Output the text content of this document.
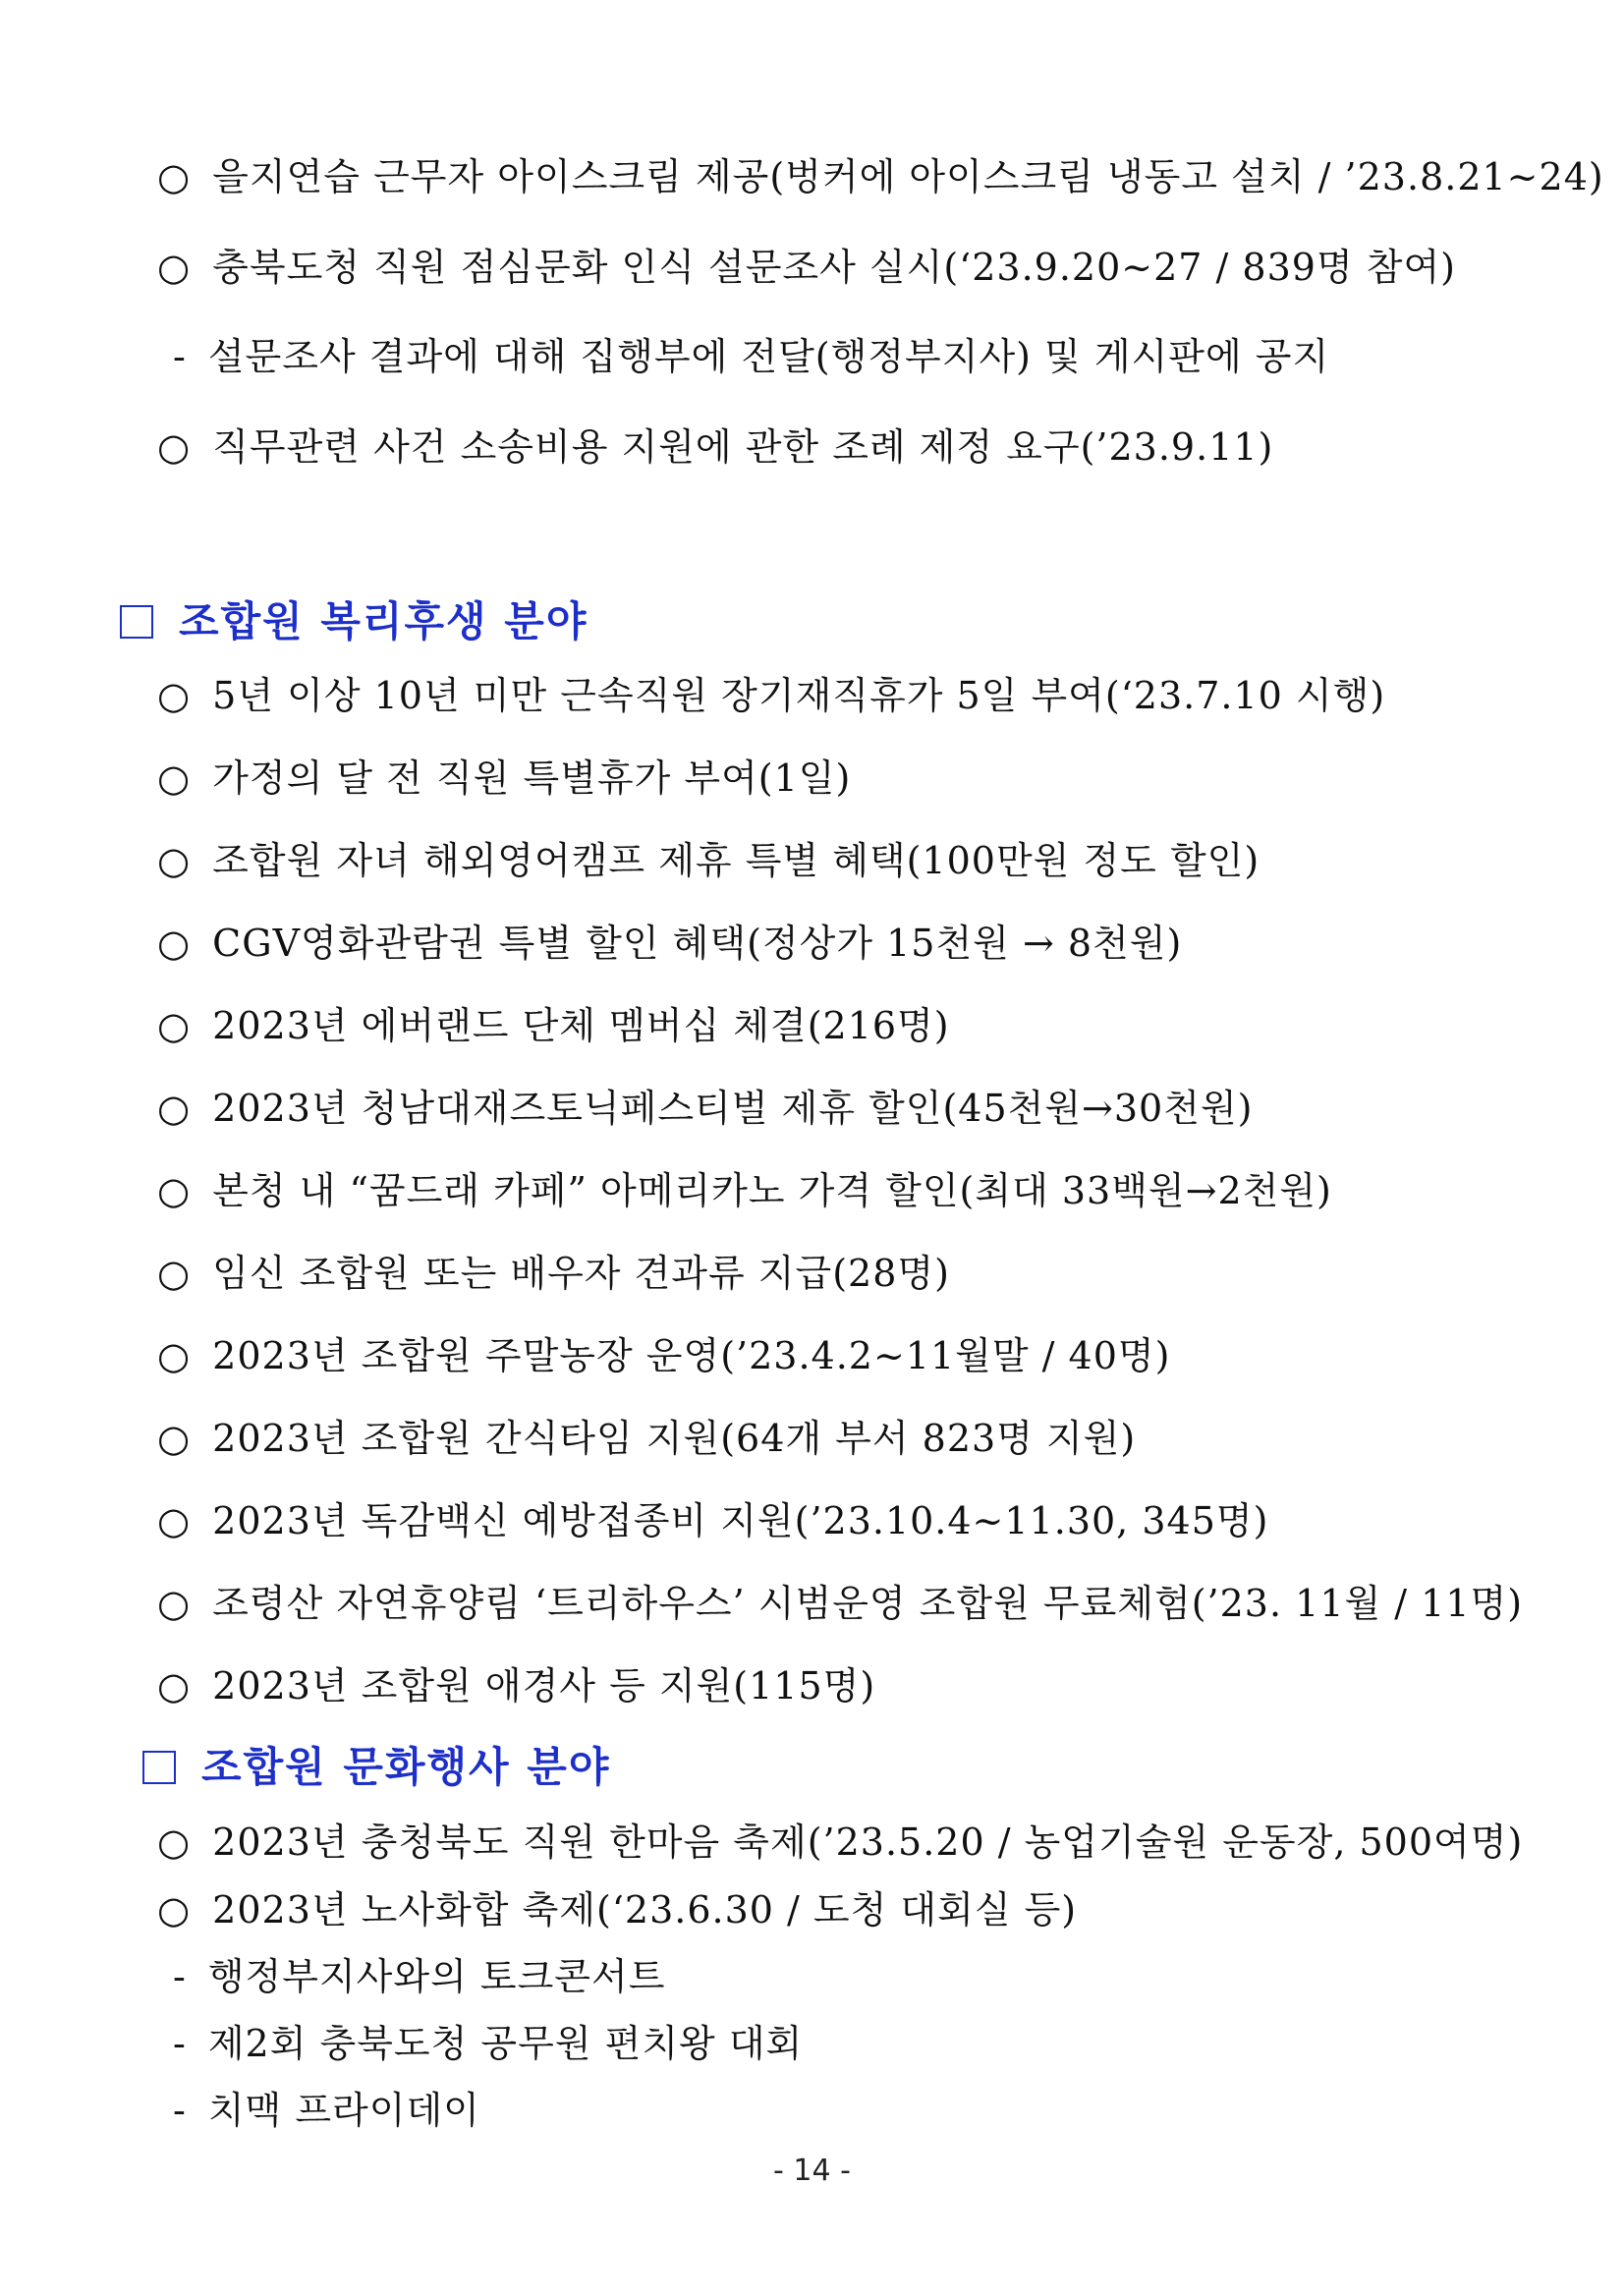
○ 을지연습 근무자 아이스크림 제공(벙커에 아이스크림 냉동고 설치 / ’23.8.21~24)
○ 충북도청 직원 점심문화 인식 설문조사 실시(‘23.9.20~27 / 839명 참여)
- 설문조사 결과에 대해 집행부에 전달(행정부지사) 및 게시판에 공지
○ 직무관련 사건 소송비용 지원에 관한 조례 제정 요구(’23.9.11)
조합원 복리후생 분야
○ 5년 이상 10년 미만 근속직원 장기재직휴가 5일 부여(‘23.7.10 시행)
○ 가정의 달 전 직원 특별휴가 부여(1일)
○ 조합원 자녀 해외영어캠프 제휴 특별 혜택(100만원 정도 할인)
○ CGV영화관람권 특별 할인 혜택(정상가 15천원 → 8천원)
○ 2023년 에버랜드 단체 멤버십 체결(216명)
○ 2023년 청남대재즈토닉페스티벌 제휴 할인(45천원→30천원)
○ 본청 내 “꿈드래 카페” 아메리카노 가격 할인(최대 33백원→2천원)
○ 임신 조합원 또는 배우자 견과류 지급(28명)
○ 2023년 조합원 주말농장 운영(’23.4.2~11월말 / 40명)
○ 2023년 조합원 간식타임 지원(64개 부서 823명 지원)
○ 2023년 독감백신 예방접종비 지원(’23.10.4~11.30, 345명)
○ 조령산 자연휴양림 ‘트리하우스’ 시범운영 조합원 무료체험(’23. 11월 / 11명)
○ 2023년 조합원 애경사 등 지원(115명)
조합원 문화행사 분야
○ 2023년 충청북도 직원 한마음 축제(’23.5.20 / 농업기술원 운동장, 500여명)
○ 2023년 노사화합 축제(‘23.6.30 / 도청 대회실 등)
- 행정부지사와의 토크콘서트
- 제2회 충북도청 공무원 편치왕 대회
- 치맥 프라이데이
- 14 -
